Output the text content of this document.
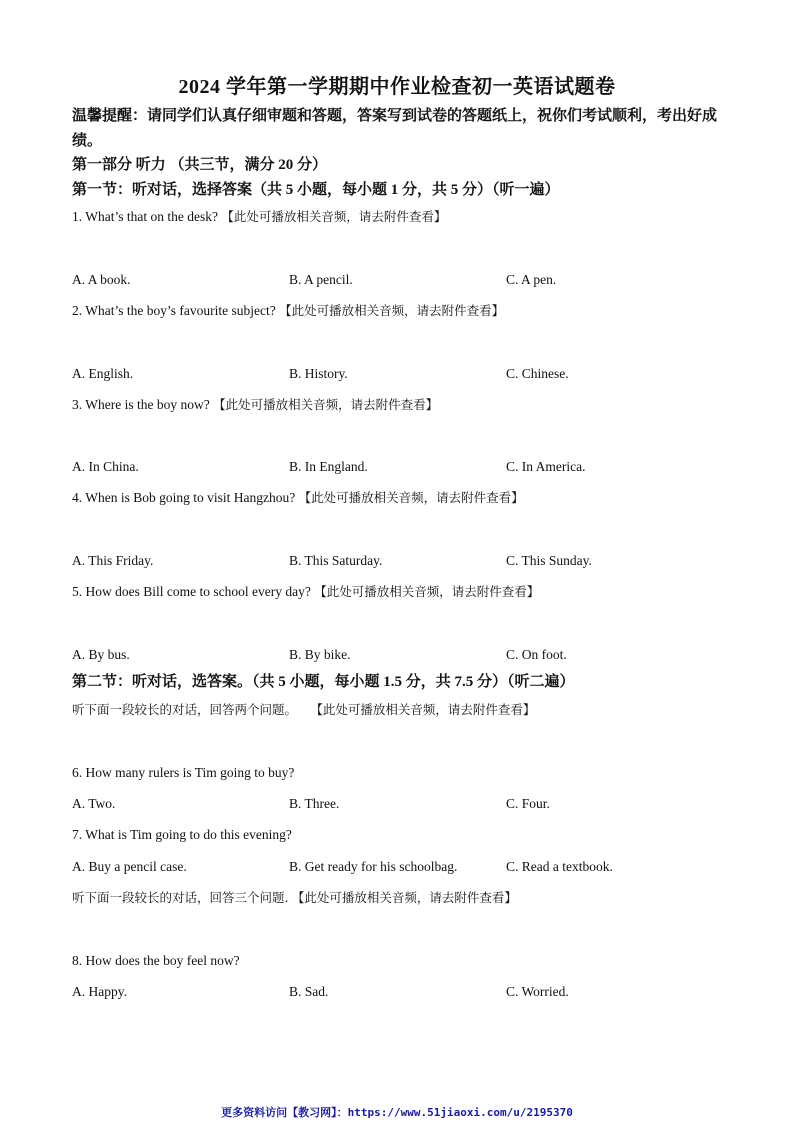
2024 学年第一学期期中作业检查初一英语试题卷
温馨提醒：请同学们认真仔细审题和答题，答案写到试卷的答题纸上，祝你们考试顺利，考出好成绩。
第一部分 听力 （共三节，满分 20 分）
第一节：听对话，选择答案（共 5 小题，每小题 1 分，共 5 分）（听一遍）
1. What’s that on the desk? 【此处可播放相关音频，请去附件查看】
A. A book.	B. A pencil.	C. A pen.
2. What’s the boy’s favourite subject? 【此处可播放相关音频，请去附件查看】
A. English.	B. History.	C. Chinese.
3. Where is the boy now? 【此处可播放相关音频，请去附件查看】
A. In China.	B. In England.	C. In America.
4. When is Bob going to visit Hangzhou? 【此处可播放相关音频，请去附件查看】
A. This Friday.	B. This Saturday.	C. This Sunday.
5. How does Bill come to school every day? 【此处可播放相关音频，请去附件查看】
A. By bus.	B. By bike.	C. On foot.
第二节：听对话，选答案。（共 5 小题，每小题 1.5 分，共 7.5 分）（听二遍）
听下面一段较长的对话，回答两个问题。 【此处可播放相关音频，请去附件查看】
6. How many rulers is Tim going to buy?
A. Two.	B. Three.	C. Four.
7. What is Tim going to do this evening?
A. Buy a pencil case.	B. Get ready for his schoolbag.	C. Read a textbook.
听下面一段较长的对话，回答三个问题. 【此处可播放相关音频，请去附件查看】
8. How does the boy feel now?
A. Happy.	B. Sad.	C. Worried.
更多资料访问【教习网】：https://www.51jiaoxi.com/u/2195370
